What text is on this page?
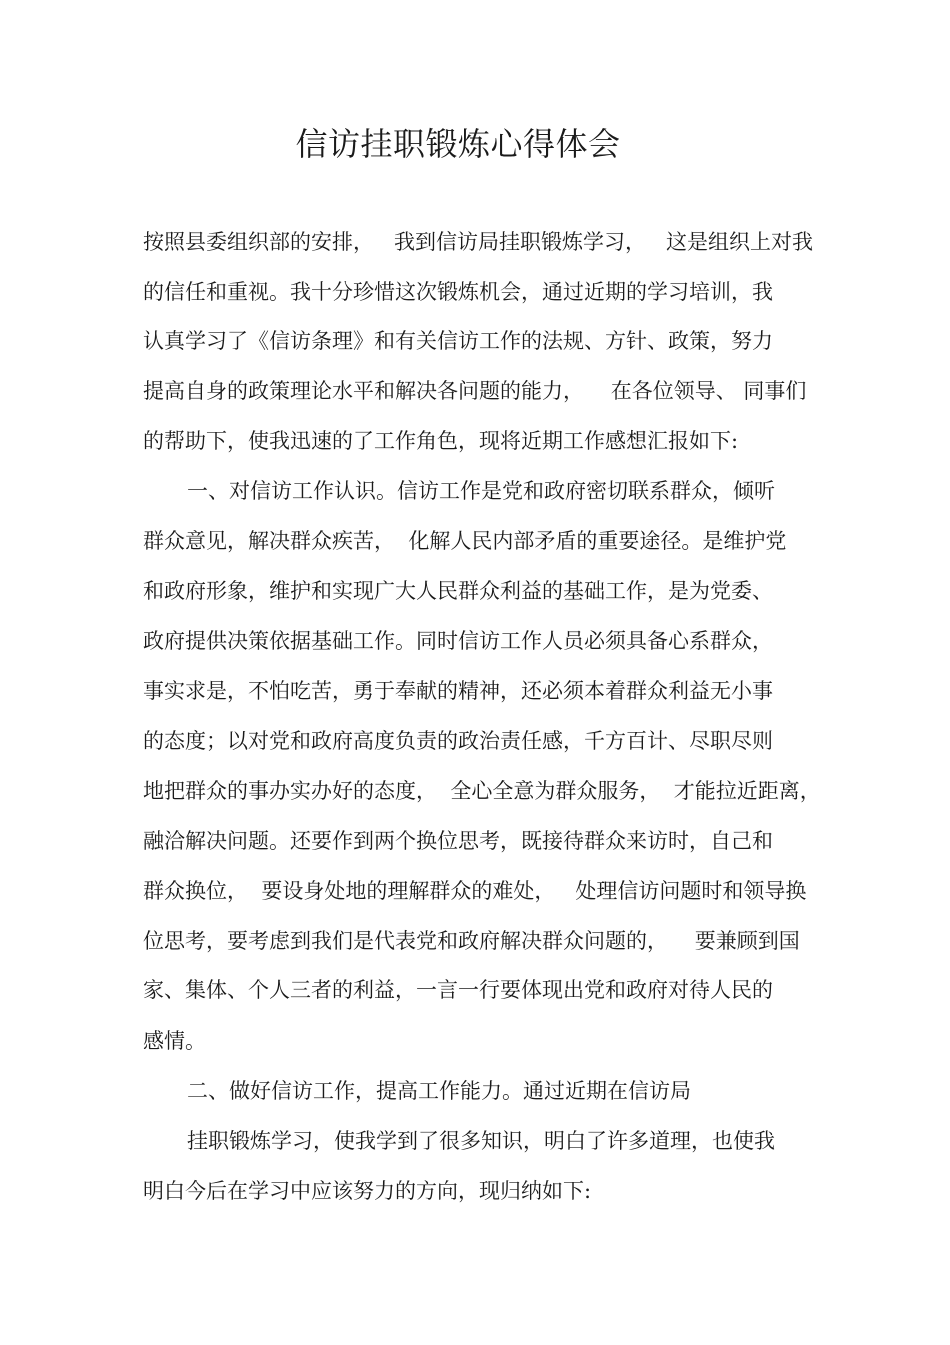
信访挂职锻炼心得体会

按照县委组织部的安排，   我到信访局挂职锻炼学习，   这是组织上对我

的信任和重视。我十分珍惜这次锻炼机会，通过近期的学习培训，我

认真学习了《信访条理》和有关信访工作的法规、方针、政策，努力

提高自身的政策理论水平和解决各问题的能力，    在各位领导、 同事们

的帮助下，使我迅速的了工作角色，现将近期工作感想汇报如下:

一、对信访工作认识。信访工作是党和政府密切联系群众，倾听

群众意见，解决群众疾苦，  化解人民内部矛盾的重要途径。是维护党

和政府形象，维护和实现广大人民群众利益的基础工作，是为党委、

政府提供决策依据基础工作。同时信访工作人员必须具备心系群众，

事实求是，不怕吃苦，勇于奉献的精神，还必须本着群众利益无小事

的态度；以对党和政府高度负责的政治责任感，千方百计、尽职尽则

地把群众的事办实办好的态度，  全心全意为群众服务，  才能拉近距离，

融洽解决问题。还要作到两个换位思考，既接待群众来访时，自己和

群众换位，  要设身处地的理解群众的难处，   处理信访问题时和领导换

位思考，要考虑到我们是代表党和政府解决群众问题的，    要兼顾到国

家、集体、个人三者的利益，一言一行要体现出党和政府对待人民的

感情。

二、做好信访工作，提高工作能力。通过近期在信访局

挂职锻炼学习，使我学到了很多知识，明白了许多道理，也使我

明白今后在学习中应该努力的方向，现归纳如下:
